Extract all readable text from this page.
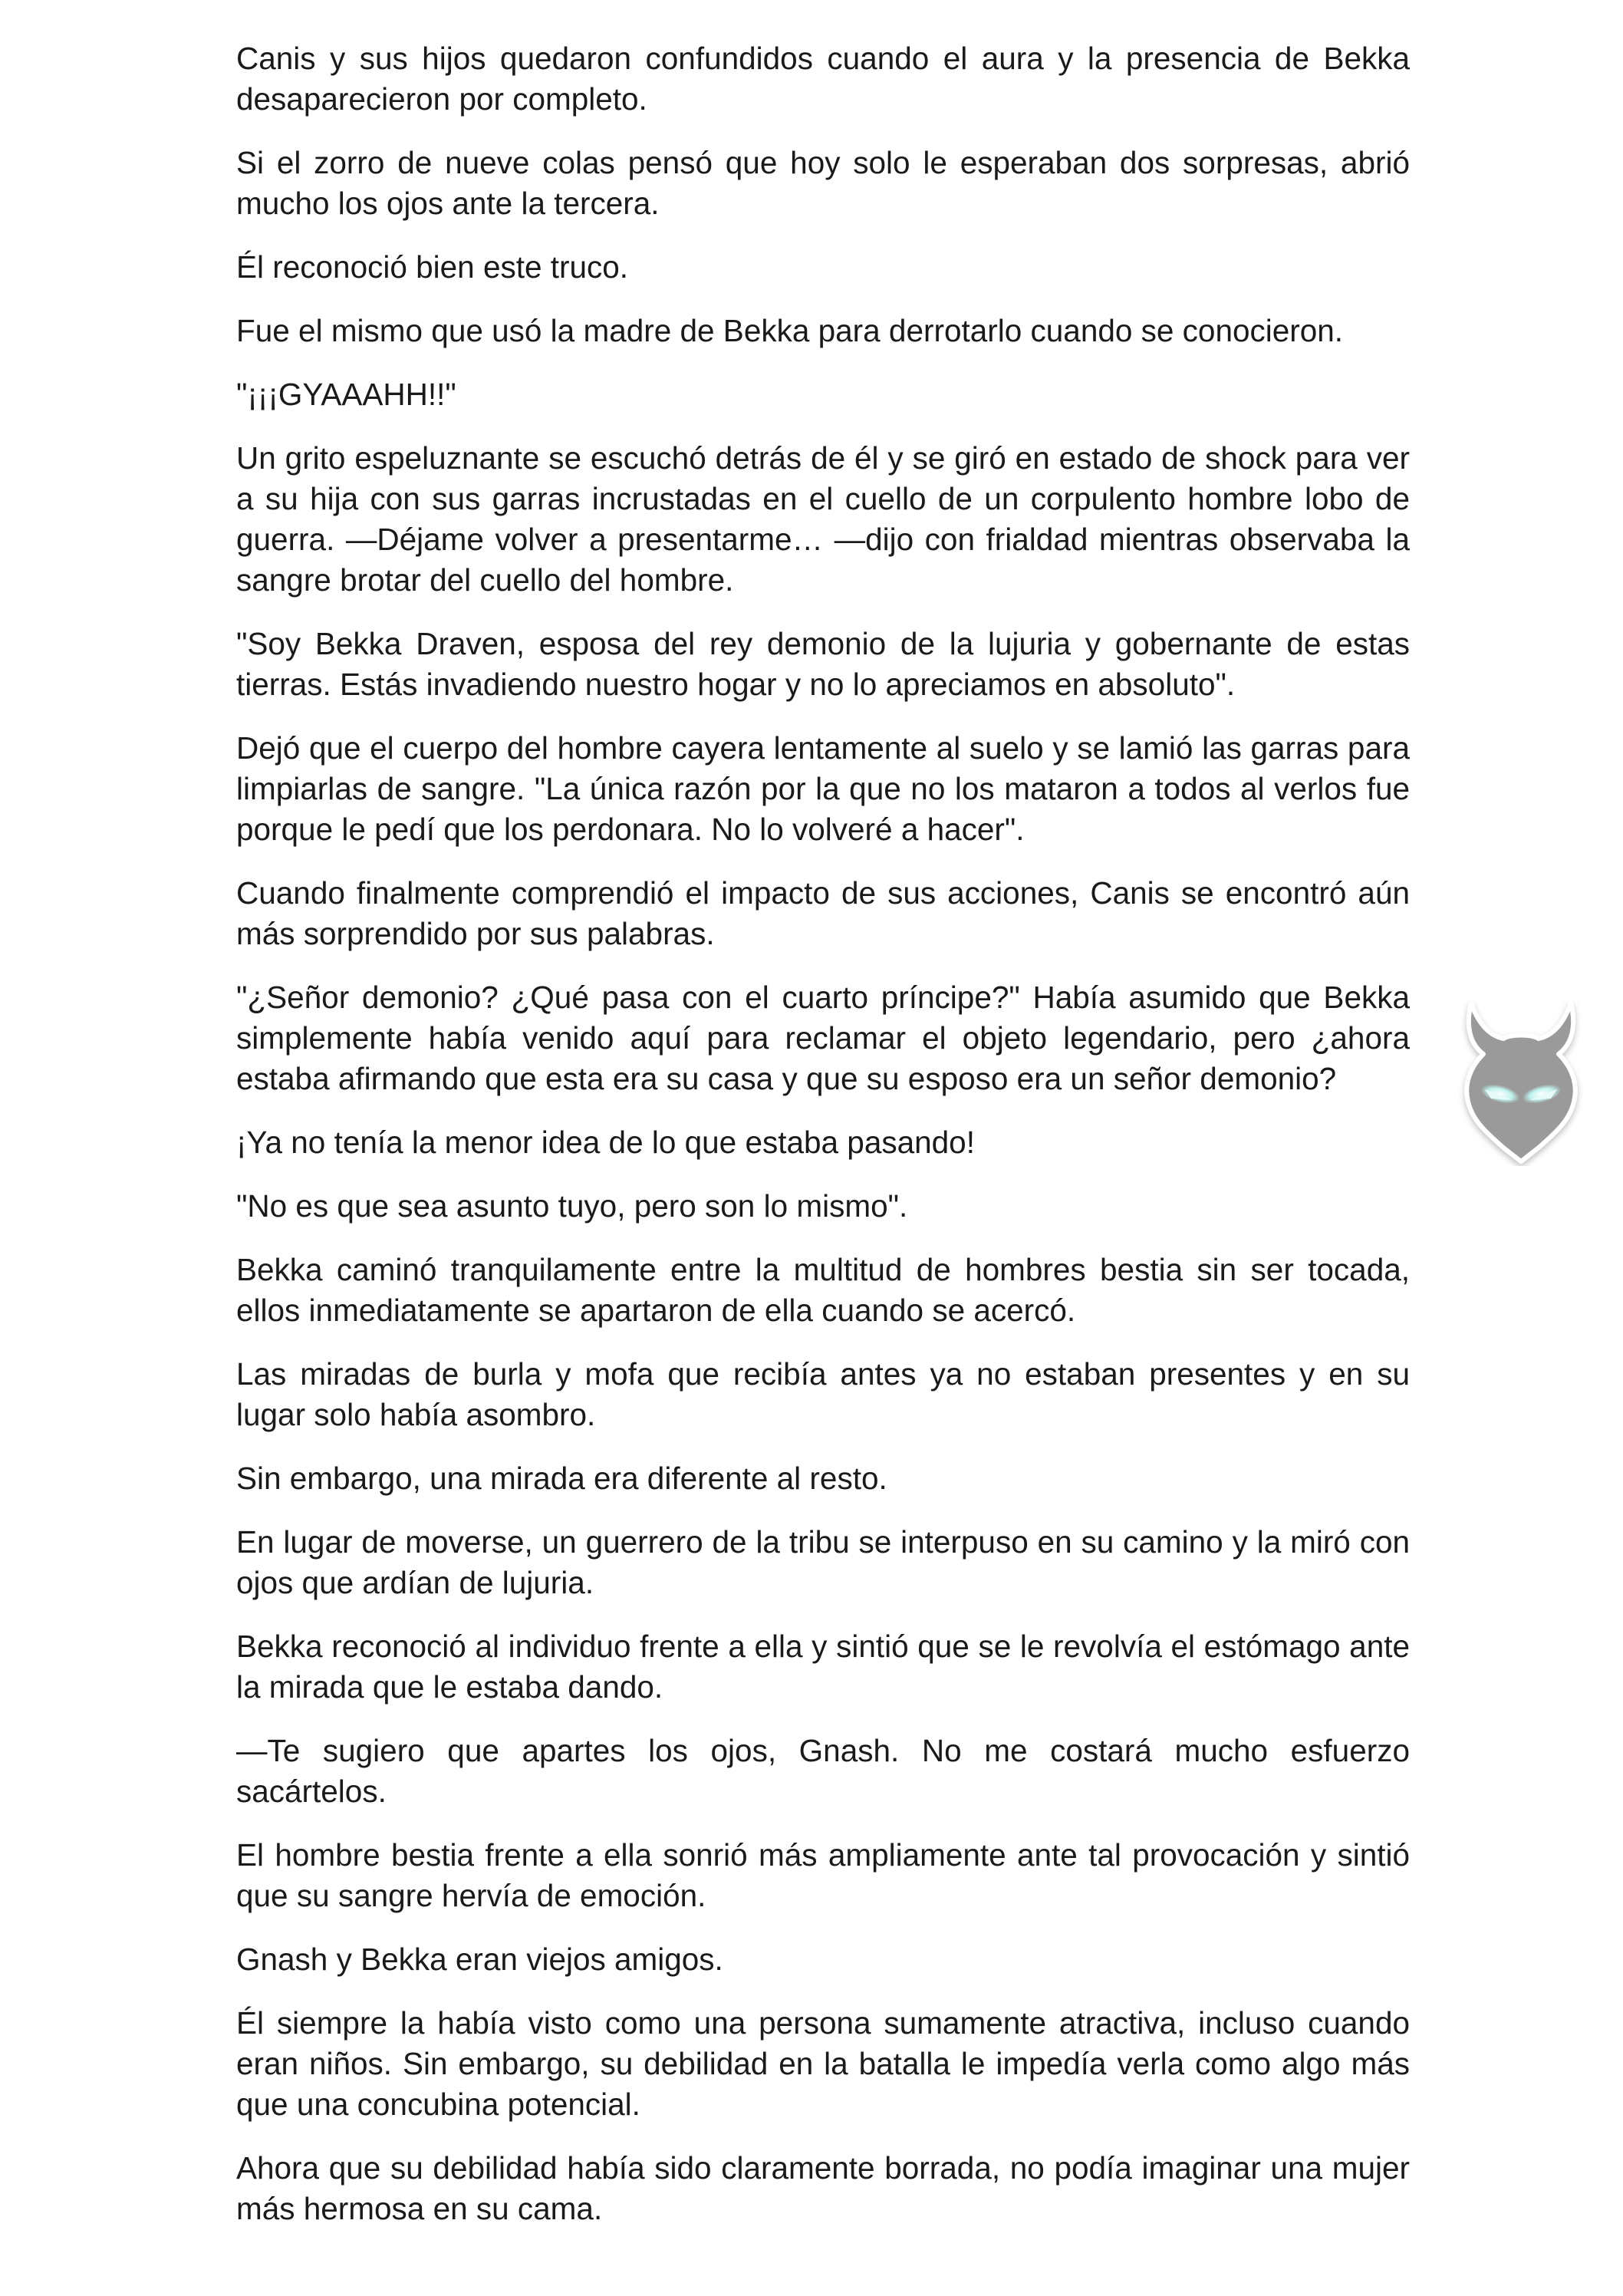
Canis y sus hijos quedaron confundidos cuando el aura y la presencia de Bekka desaparecieron por completo.

Si el zorro de nueve colas pensó que hoy solo le esperaban dos sorpresas, abrió mucho los ojos ante la tercera.

Él reconoció bien este truco.

Fue el mismo que usó la madre de Bekka para derrotarlo cuando se conocieron.

"¡¡¡GYAAAHH!!"

Un grito espeluznante se escuchó detrás de él y se giró en estado de shock para ver a su hija con sus garras incrustadas en el cuello de un corpulento hombre lobo de guerra. —Déjame volver a presentarme… —dijo con frialdad mientras observaba la sangre brotar del cuello del hombre.

"Soy Bekka Draven, esposa del rey demonio de la lujuria y gobernante de estas tierras. Estás invadiendo nuestro hogar y no lo apreciamos en absoluto".

Dejó que el cuerpo del hombre cayera lentamente al suelo y se lamió las garras para limpiarlas de sangre. "La única razón por la que no los mataron a todos al verlos fue porque le pedí que los perdonara. No lo volveré a hacer".

Cuando finalmente comprendió el impacto de sus acciones, Canis se encontró aún más sorprendido por sus palabras.

"¿Señor demonio? ¿Qué pasa con el cuarto príncipe?" Había asumido que Bekka simplemente había venido aquí para reclamar el objeto legendario, pero ¿ahora estaba afirmando que esta era su casa y que su esposo era un señor demonio?

¡Ya no tenía la menor idea de lo que estaba pasando!

"No es que sea asunto tuyo, pero son lo mismo".

Bekka caminó tranquilamente entre la multitud de hombres bestia sin ser tocada, ellos inmediatamente se apartaron de ella cuando se acercó.

Las miradas de burla y mofa que recibía antes ya no estaban presentes y en su lugar solo había asombro.

Sin embargo, una mirada era diferente al resto.

En lugar de moverse, un guerrero de la tribu se interpuso en su camino y la miró con ojos que ardían de lujuria.

Bekka reconoció al individuo frente a ella y sintió que se le revolvía el estómago ante la mirada que le estaba dando.

—Te sugiero que apartes los ojos, Gnash. No me costará mucho esfuerzo sacártelos.

El hombre bestia frente a ella sonrió más ampliamente ante tal provocación y sintió que su sangre hervía de emoción.

Gnash y Bekka eran viejos amigos.

Él siempre la había visto como una persona sumamente atractiva, incluso cuando eran niños. Sin embargo, su debilidad en la batalla le impedía verla como algo más que una concubina potencial.

Ahora que su debilidad había sido claramente borrada, no podía imaginar una mujer más hermosa en su cama.
